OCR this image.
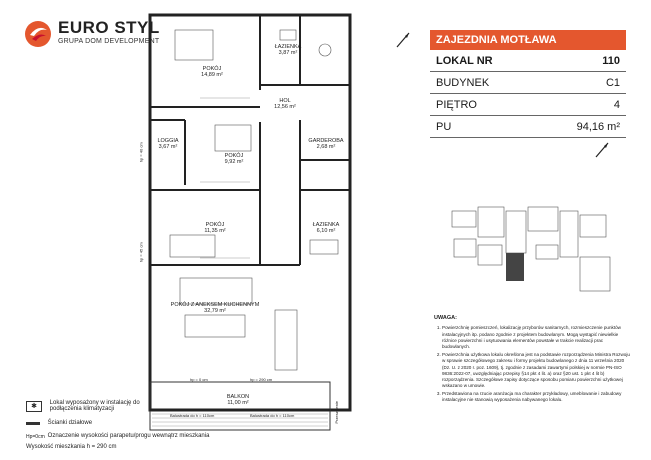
EURO STYL
GRUPA DOM DEVELOPMENT
POKÓJ
14,89 m²
ŁAZIENKA
3,87 m²
HOL
12,56 m²
LOGGIA
3,67 m²
POKÓJ
9,92 m²
GARDEROBA
2,68 m²
POKÓJ
11,35 m²
ŁAZIENKA
6,10 m²
POKÓJ Z ANEKSEM KUCHENNYM
32,79 m²
BALKON
11,00 m²
hp = 40 cm
hp = 45 cm
hp = 0 cm	hp = 290 cm
Balustrada do h = 110cm	Balustrada do h = 110cm	Przeszklenie
ZAJEZDNIA MOTŁAWA
LOKAL NR	110
BUDYNEK	C1
PIĘTRO	4
PU	94,16 m²
UWAGA:
1. Powierzchnię pomieszczeń, lokalizację przyborów sanitarnych, rozmieszczenie punktów instalacyjnych itp. podano zgodnie z projektem budowlanym. Mogą wystąpić niewielkie różnice powierzchni i usytuowania elementów powstałe w trakcie realizacji prac budowlanych.
2. Powierzchnia użytkowa lokalu określona jest na podstawie rozporządzenia Ministra Rozwoju w sprawie szczegółowego zakresu i formy projektu budowlanego z dnia 11 września 2020 (Dz. U. z 2020 r. poz. 1609), tj. zgodnie z zasadami zawartymi polskiej w normie PN-ISO 9836:2022-07, uwzględniając przepisy §14 pkt 4 lit. a) oraz §20 ust. 1 pkt 4 lit b) rozporządzenia. Szczegółowe zapisy dotyczące sposobu pomiaru powierzchni użytkowej wskazano w umowie.
3. Przedstawiona na rzucie aranżacja ma charakter przykładowy, umeblowanie i zabudowy instalacyjne nie stanowią wyposażenia nabywanego lokalu.
✱ Lokal wyposażony w instalację do podłączenia klimatyzacji
Ścianki działowe
Hp=0cm Oznaczenie wysokości parapetu/progu wewnątrz mieszkania
Wysokość mieszkania h = 290 cm
